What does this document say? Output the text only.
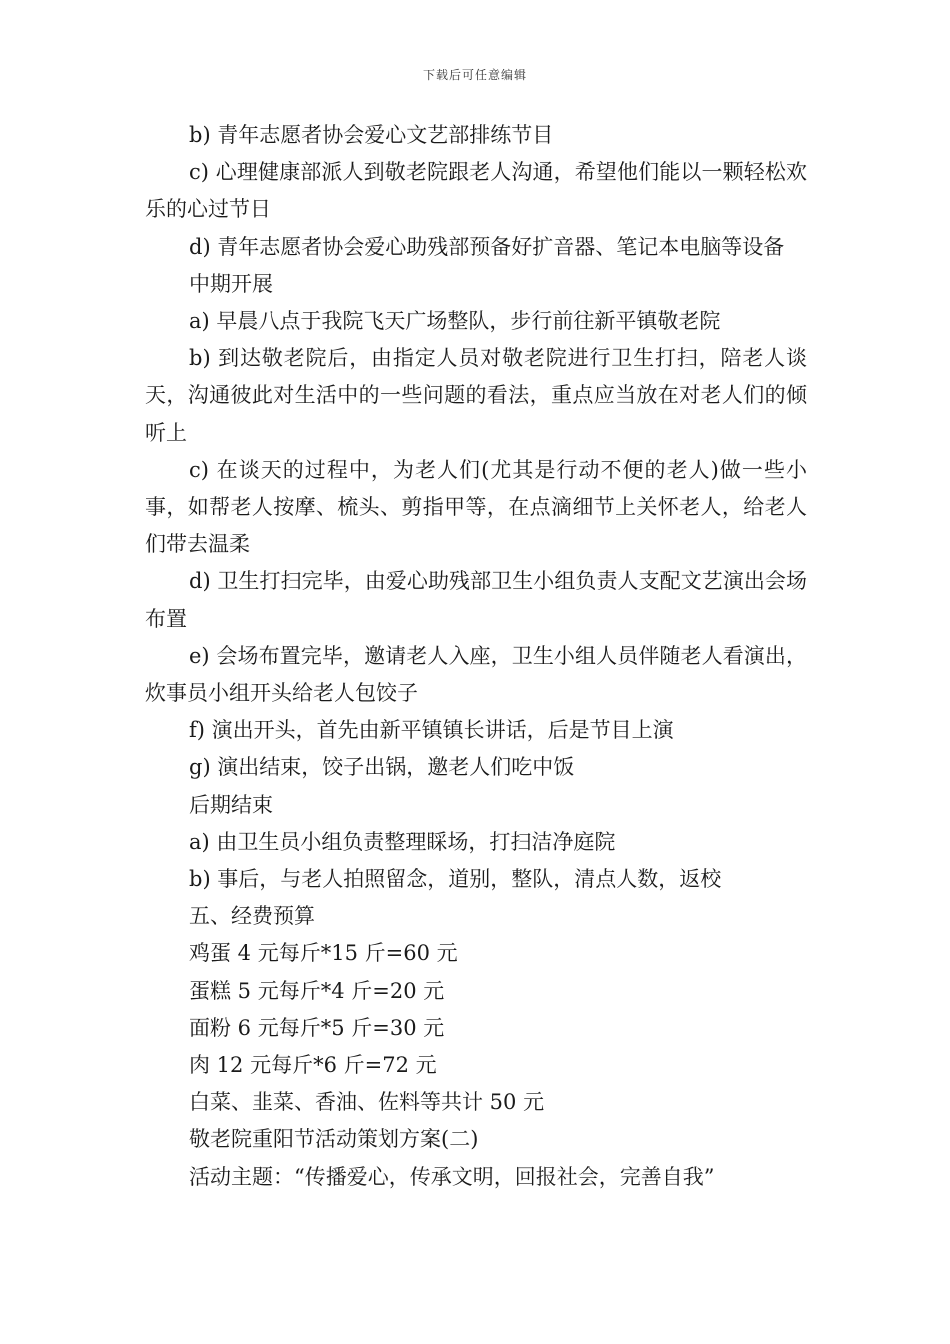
下载后可任意编辑

b) 青年志愿者协会爱心文艺部排练节目

c) 心理健康部派人到敬老院跟老人沟通，希望他们能以一颗轻松欢乐的心过节日

d) 青年志愿者协会爱心助残部预备好扩音器、笔记本电脑等设备

中期开展

a) 早晨八点于我院飞天广场整队，步行前往新平镇敬老院

b) 到达敬老院后，由指定人员对敬老院进行卫生打扫，陪老人谈天，沟通彼此对生活中的一些问题的看法，重点应当放在对老人们的倾听上

c) 在谈天的过程中，为老人们(尤其是行动不便的老人)做一些小事，如帮老人按摩、梳头、剪指甲等，在点滴细节上关怀老人，给老人们带去温柔

d) 卫生打扫完毕，由爱心助残部卫生小组负责人支配文艺演出会场布置

e) 会场布置完毕，邀请老人入座，卫生小组人员伴随老人看演出，炊事员小组开头给老人包饺子

f) 演出开头，首先由新平镇镇长讲话，后是节目上演

g) 演出结束，饺子出锅，邀老人们吃中饭

后期结束

a) 由卫生员小组负责整理睬场，打扫洁净庭院

b) 事后，与老人拍照留念，道别，整队，清点人数，返校

五、经费预算

鸡蛋 4 元每斤*15 斤=60 元

蛋糕 5 元每斤*4 斤=20 元

面粉 6 元每斤*5 斤=30 元

肉 12 元每斤*6 斤=72 元

白菜、韭菜、香油、佐料等共计 50 元

敬老院重阳节活动策划方案(二)

活动主题：“传播爱心，传承文明，回报社会，完善自我”
